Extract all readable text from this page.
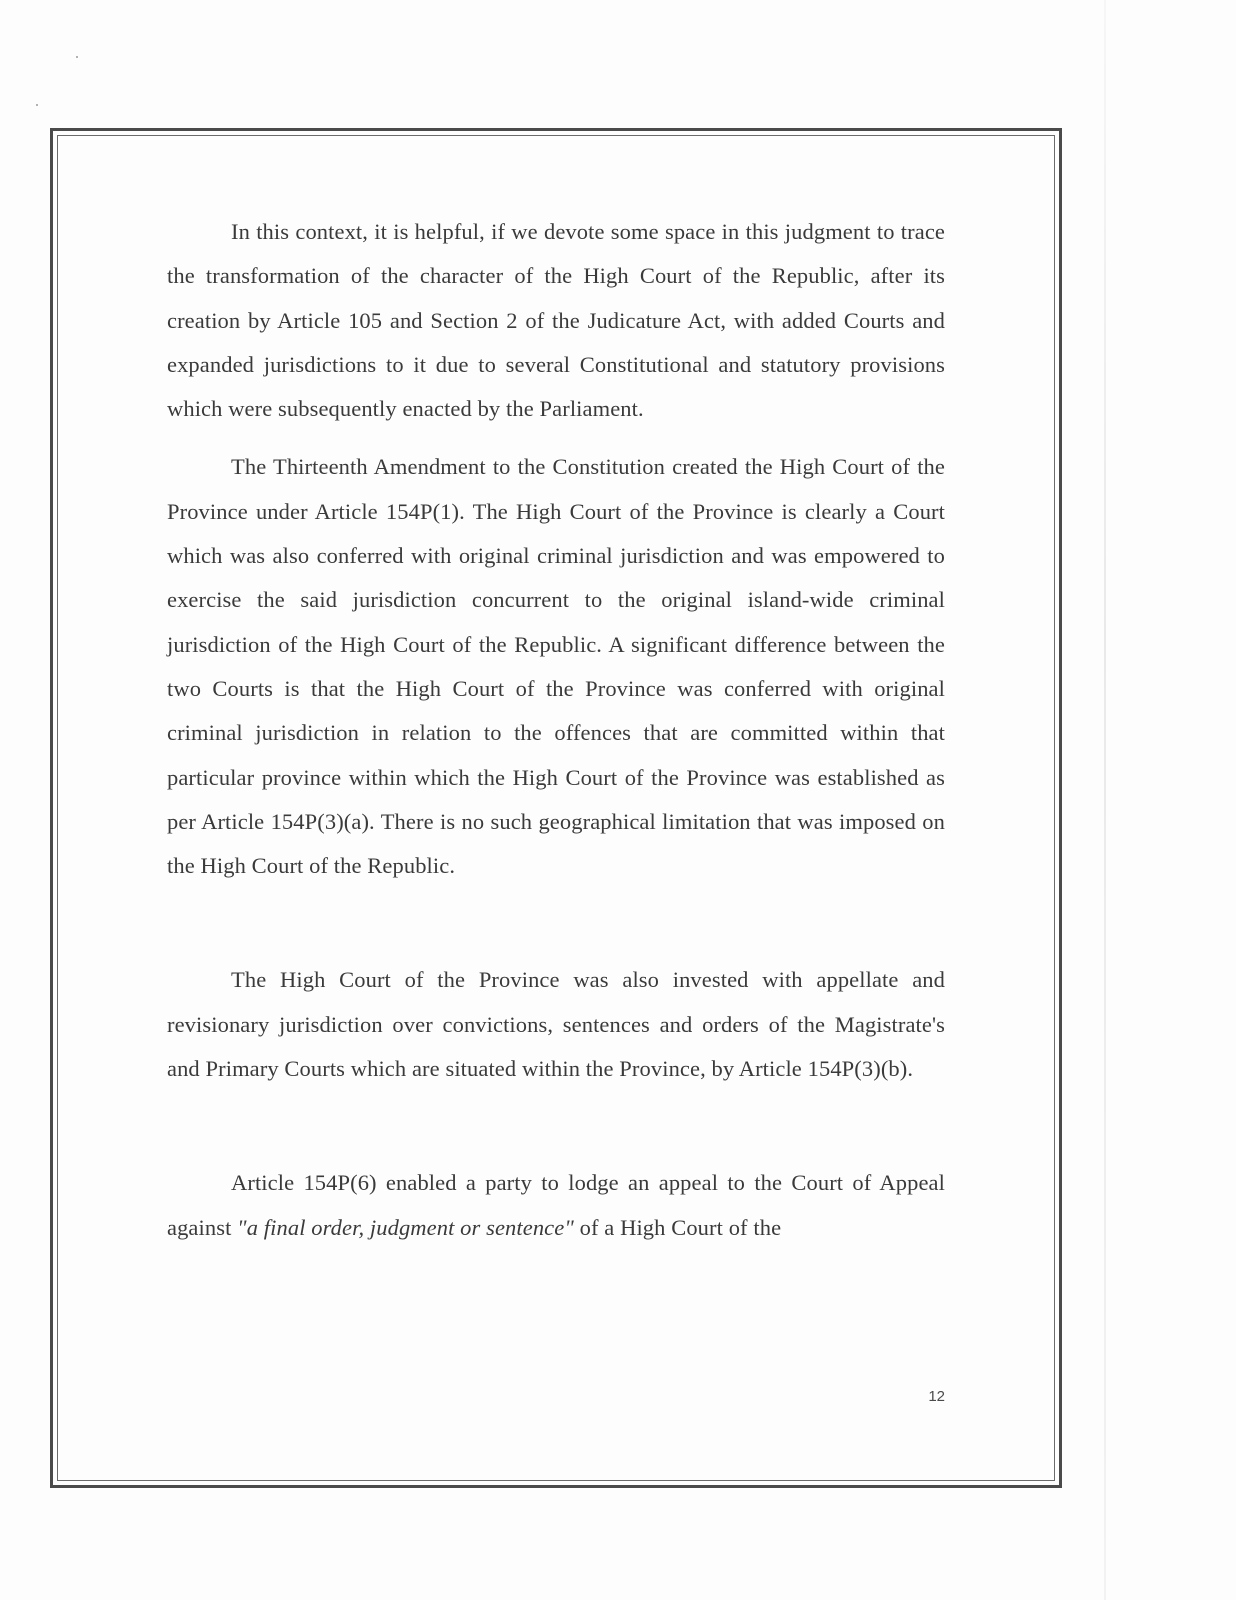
In this context, it is helpful, if we devote some space in this judgment to trace the transformation of the character of the High Court of the Republic, after its creation by Article 105 and Section 2 of the Judicature Act, with added Courts and expanded jurisdictions to it due to several Constitutional and statutory provisions which were subsequently enacted by the Parliament.

The Thirteenth Amendment to the Constitution created the High Court of the Province under Article 154P(1). The High Court of the Province is clearly a Court which was also conferred with original criminal jurisdiction and was empowered to exercise the said jurisdiction concurrent to the original island-wide criminal jurisdiction of the High Court of the Republic. A significant difference between the two Courts is that the High Court of the Province was conferred with original criminal jurisdiction in relation to the offences that are committed within that particular province within which the High Court of the Province was established as per Article 154P(3)(a). There is no such geographical limitation that was imposed on the High Court of the Republic.

The High Court of the Province was also invested with appellate and revisionary jurisdiction over convictions, sentences and orders of the Magistrate's and Primary Courts which are situated within the Province, by Article 154P(3)(b).

Article 154P(6) enabled a party to lodge an appeal to the Court of Appeal against "a final order, judgment or sentence" of a High Court of the

12
